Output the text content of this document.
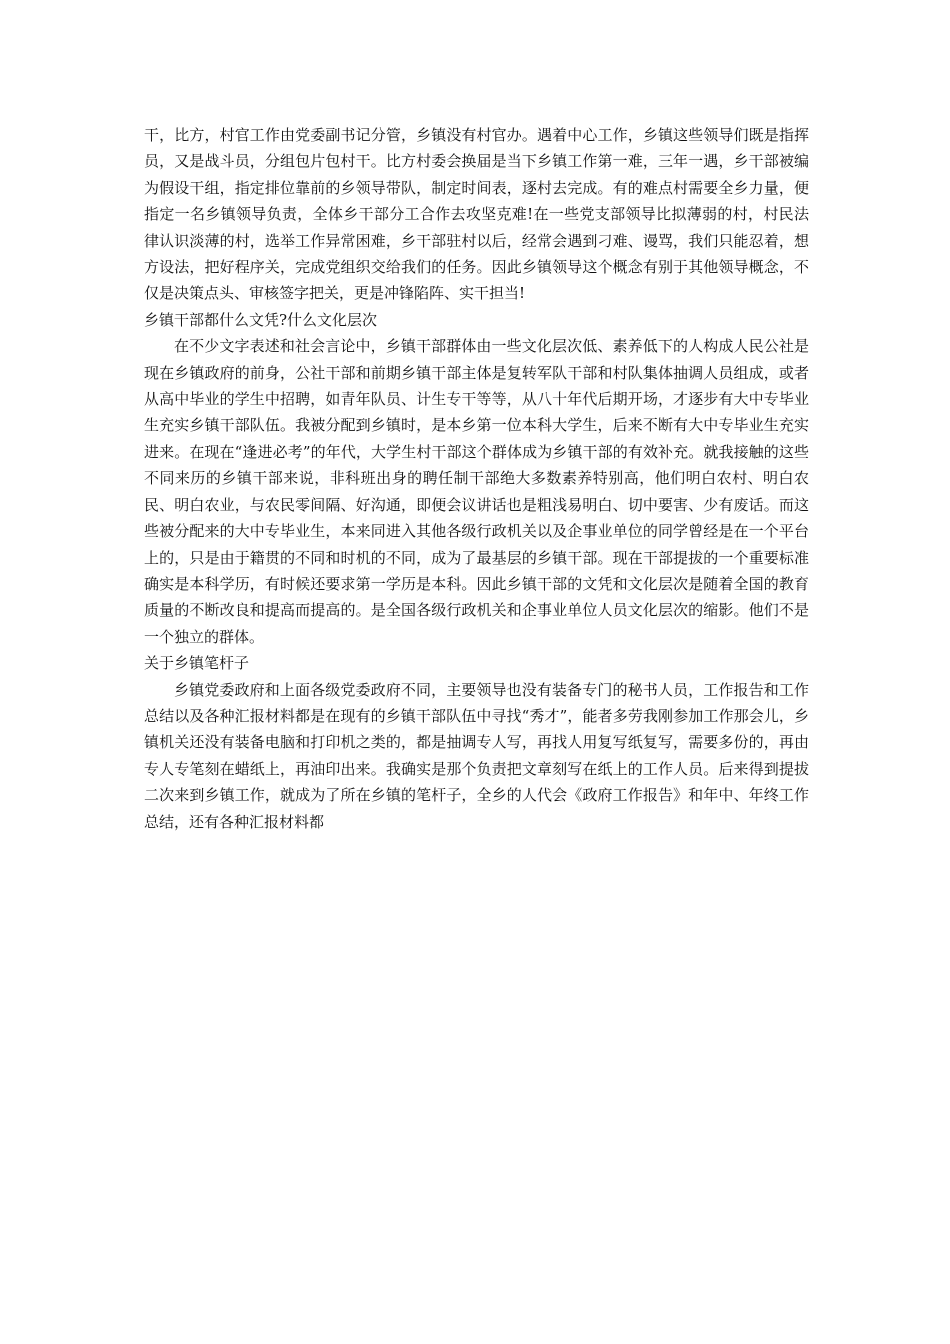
干，比方，村官工作由党委副书记分管，乡镇没有村官办。遇着中心工作，乡镇这些领导们既是指挥员，又是战斗员，分组包片包村干。比方村委会换届是当下乡镇工作第一难，三年一遇，乡干部被编为假设干组，指定排位靠前的乡领导带队，制定时间表，逐村去完成。有的难点村需要全乡力量，便指定一名乡镇领导负责，全体乡干部分工合作去攻坚克难!在一些党支部领导比拟薄弱的村，村民法律认识淡薄的村，选举工作异常困难，乡干部驻村以后，经常会遇到刁难、谩骂，我们只能忍着，想方设法，把好程序关，完成党组织交给我们的任务。因此乡镇领导这个概念有别于其他领导概念，不仅是决策点头、审核签字把关，更是冲锋陷阵、实干担当!

乡镇干部都什么文凭?什么文化层次

在不少文字表述和社会言论中，乡镇干部群体由一些文化层次低、素养低下的人构成人民公社是现在乡镇政府的前身，公社干部和前期乡镇干部主体是复转军队干部和村队集体抽调人员组成，或者从高中毕业的学生中招聘，如青年队员、计生专干等等，从八十年代后期开场，才逐步有大中专毕业生充实乡镇干部队伍。我被分配到乡镇时，是本乡第一位本科大学生，后来不断有大中专毕业生充实进来。在现在“逢进必考”的年代，大学生村干部这个群体成为乡镇干部的有效补充。就我接触的这些不同来历的乡镇干部来说，非科班出身的聘任制干部绝大多数素养特别高，他们明白农村、明白农民、明白农业，与农民零间隔、好沟通，即便会议讲话也是粗浅易明白、切中要害、少有废话。而这些被分配来的大中专毕业生，本来同进入其他各级行政机关以及企事业单位的同学曾经是在一个平台上的，只是由于籍贯的不同和时机的不同，成为了最基层的乡镇干部。现在干部提拔的一个重要标准确实是本科学历，有时候还要求第一学历是本科。因此乡镇干部的文凭和文化层次是随着全国的教育质量的不断改良和提高而提高的。是全国各级行政机关和企事业单位人员文化层次的缩影。他们不是一个独立的群体。

关于乡镇笔杆子

乡镇党委政府和上面各级党委政府不同，主要领导也没有装备专门的秘书人员，工作报告和工作总结以及各种汇报材料都是在现有的乡镇干部队伍中寻找“秀才”，能者多劳我刚参加工作那会儿，乡镇机关还没有装备电脑和打印机之类的，都是抽调专人写，再找人用复写纸复写，需要多份的，再由专人专笔刻在蜡纸上，再油印出来。我确实是那个负责把文章刻写在纸上的工作人员。后来得到提拔二次来到乡镇工作，就成为了所在乡镇的笔杆子，全乡的人代会《政府工作报告》和年中、年终工作总结，还有各种汇报材料都
